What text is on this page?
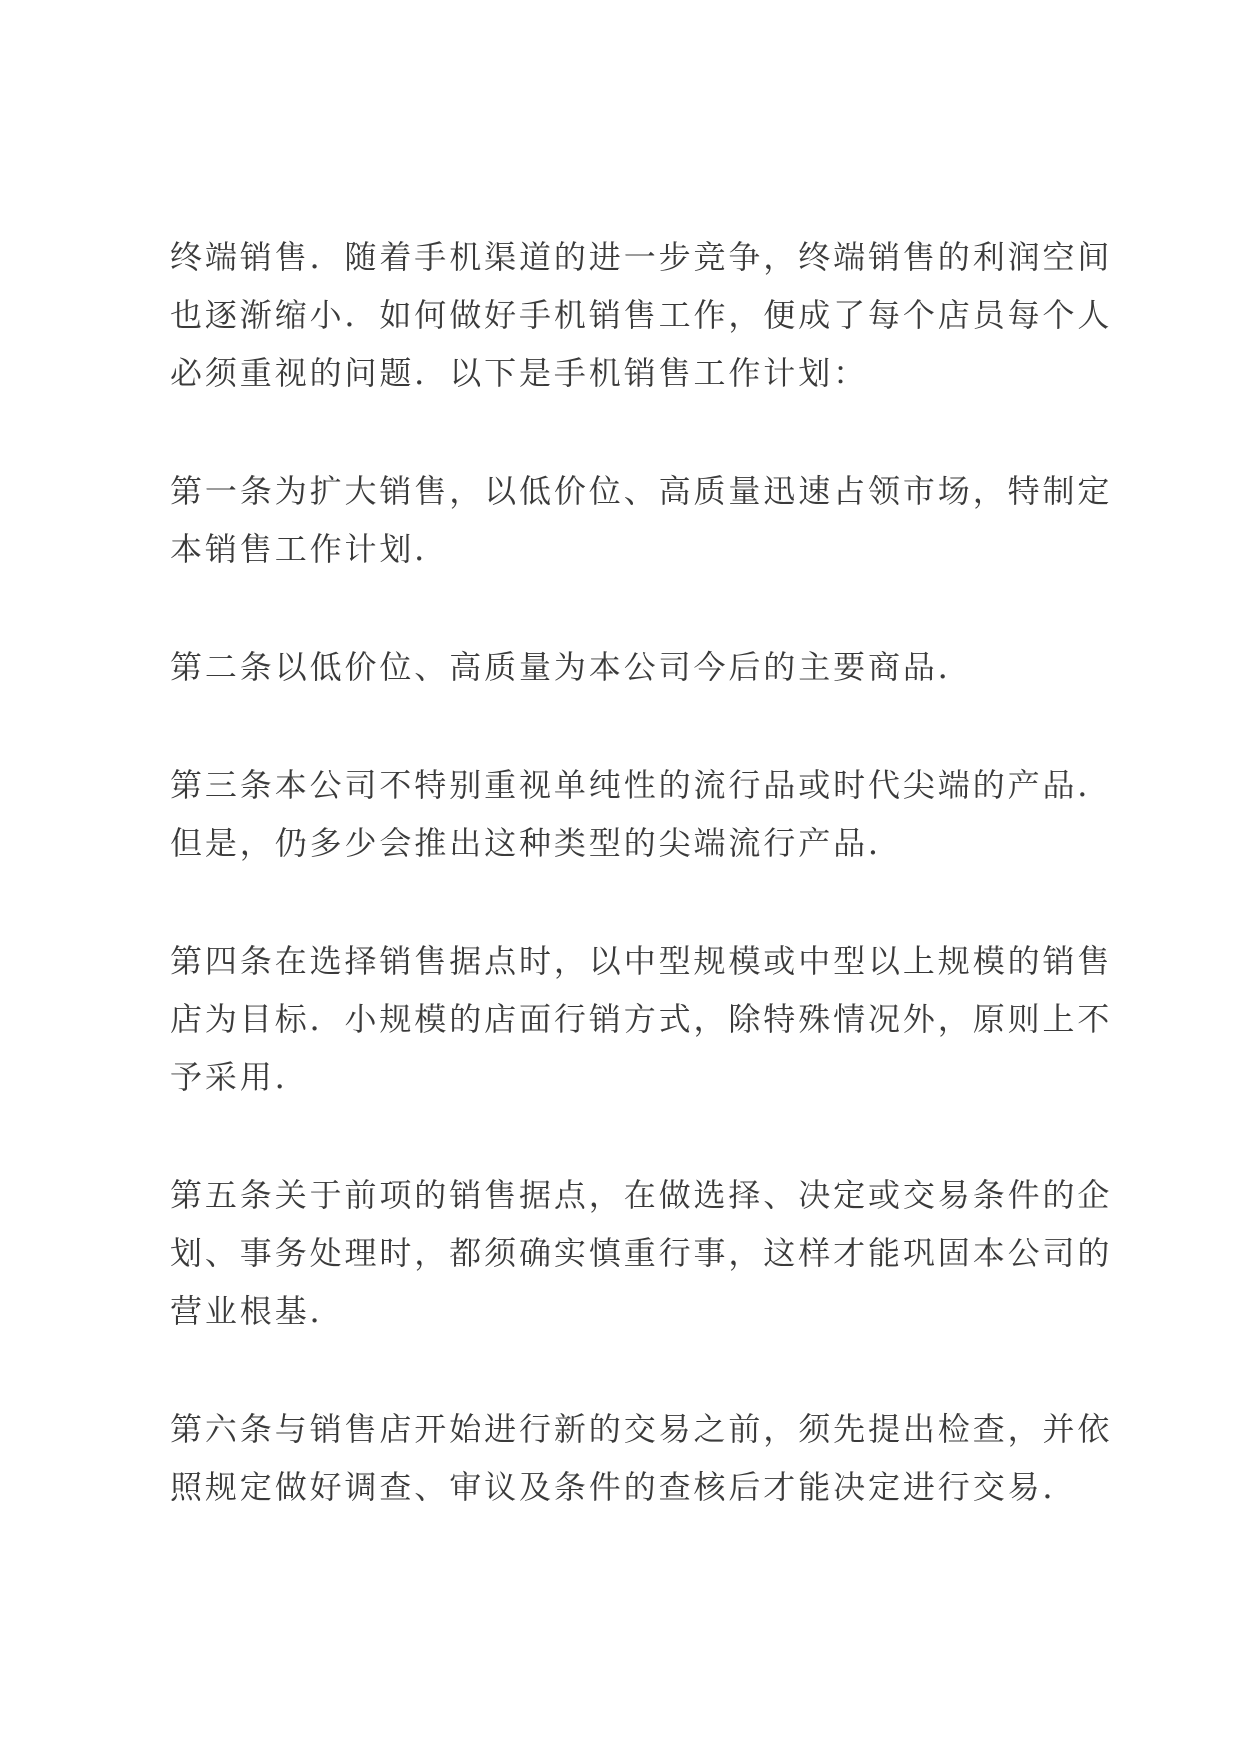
终端销售．随着手机渠道的进一步竞争，终端销售的利润空间
也逐渐缩小．如何做好手机销售工作，便成了每个店员每个人
必须重视的问题．以下是手机销售工作计划：
第一条为扩大销售，以低价位、高质量迅速占领市场，特制定
本销售工作计划．
第二条以低价位、高质量为本公司今后的主要商品．
第三条本公司不特别重视单纯性的流行品或时代尖端的产品．
但是，仍多少会推出这种类型的尖端流行产品．
第四条在选择销售据点时，以中型规模或中型以上规模的销售
店为目标．小规模的店面行销方式，除特殊情况外，原则上不
予采用．
第五条关于前项的销售据点，在做选择、决定或交易条件的企
划、事务处理时，都须确实慎重行事，这样才能巩固本公司的
营业根基．
第六条与销售店开始进行新的交易之前，须先提出检查，并依
照规定做好调查、审议及条件的查核后才能决定进行交易．
